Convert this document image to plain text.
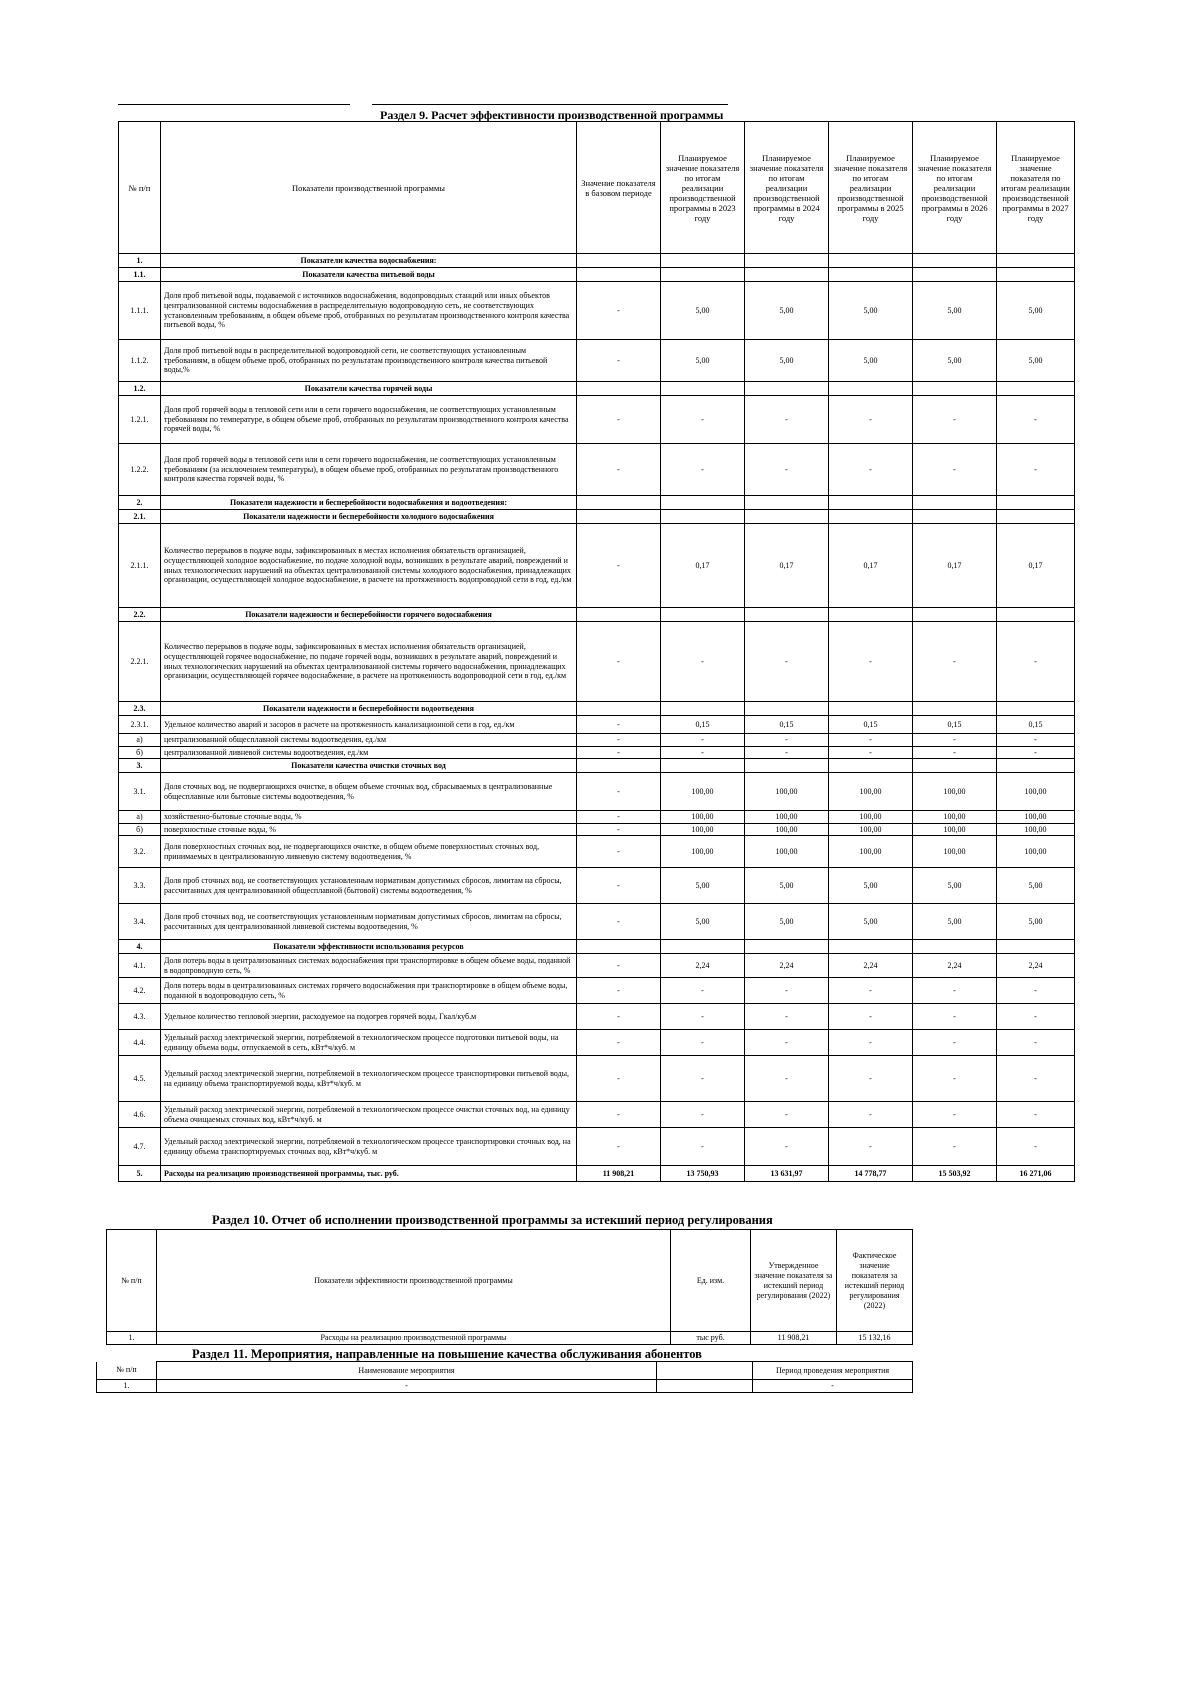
Раздел 9. Расчет эффективности производственной программы
№ п/п	Показатели производственной программы	Значение показателя в базовом периоде	Планируемое значение показателя по итогам реализации производственной программы в 2023 году	Планируемое значение показателя по итогам реализации производственной программы в 2024 году	Планируемое значение показателя по итогам реализации производственной программы в 2025 году	Планируемое значение показателя по итогам реализации производственной программы в 2026 году	Планируемое значение показателя по итогам реализации производственной программы в 2027 году
1.	Показатели качества водоснабжения:						
1.1.	Показатели качества питьевой воды						
1.1.1.	Доля проб питьевой воды, подаваемой с источников водоснабжения, водопроводных станций или иных объектов централизованной системы водоснабжения в распределительную водопроводную сеть, не соответствующих установленным требованиям, в общем объеме проб, отобранных по результатам производственного контроля качества питьевой воды, %	-	5,00	5,00	5,00	5,00	5,00
1.1.2.	Доля проб питьевой воды в распределительной водопроводной сети, не соответствующих установленным требованиям, в общем объеме проб, отобранных по результатам производственного контроля качества питьевой воды,%	-	5,00	5,00	5,00	5,00	5,00
1.2.	Показатели качества горячей воды						
1.2.1.	Доля проб горячей воды в тепловой сети или в сети горячего водоснабжения, не соответствующих установленным требованиям по температуре, в общем объеме проб, отобранных по результатам производственного контроля качества горячей воды, %	-	-	-	-	-	-
1.2.2.	Доля проб горячей воды в тепловой сети или в сети горячего водоснабжения, не соответствующих установленным требованиям (за исключением температуры), в общем объеме проб, отобранных по результатам производственного контроля качества горячей воды, %	-	-	-	-	-	-
2.	Показатели надежности и бесперебойности водоснабжения и водоотведения:						
2.1.	Показатели надежности и бесперебойности холодного водоснабжения						
2.1.1.	Количество перерывов в подаче воды, зафиксированных в местах исполнения обязательств организацией, осуществляющей холодное водоснабжение, по подаче холодной воды, возникших в результате аварий, повреждений и иных технологических нарушений на объектах централизованной системы холодного водоснабжения, принадлежащих организации, осуществляющей холодное водоснабжение, в расчете на протяженность водопроводной сети в год, ед./км	-	0,17	0,17	0,17	0,17	0,17
2.2.	Показатели надежности и бесперебойности горячего водоснабжения						
2.2.1.	Количество перерывов в подаче воды, зафиксированных в местах исполнения обязательств организацией, осуществляющей горячее водоснабжение, по подаче горячей воды, возникших в результате аварий, повреждений и иных технологических нарушений на объектах централизованной системы горячего водоснабжения, принадлежащих организации, осуществляющей горячее водоснабжение, в расчете на протяженность водопроводной сети в год, ед./км	-	-	-	-	-	-
2.3.	Показатели надежности и бесперебойности водоотведения						
2.3.1.	Удельное количество аварий и засоров в расчете на протяженность канализационной сети в год, ед./км	-	0,15	0,15	0,15	0,15	0,15
а)	централизованной общесплавной системы водоотведения, ед./км	-	-	-	-	-	-
б)	централизованной ливневой системы водоотведения, ед./км	-	-	-	-	-	-
3.	Показатели качества очистки сточных вод						
3.1.	Доля сточных вод, не подвергающихся очистке, в общем объеме сточных вод, сбрасываемых в централизованные общесплавные или бытовые системы водоотведения, %	-	100,00	100,00	100,00	100,00	100,00
а)	хозяйственно-бытовые сточные воды, %	-	100,00	100,00	100,00	100,00	100,00
б)	поверхностные сточные воды, %	-	100,00	100,00	100,00	100,00	100,00
3.2.	Доля поверхностных сточных вод, не подвергающихся очистке, в общем объеме поверхностных сточных вод, принимаемых в централизованную ливневую систему водоотведения, %	-	100,00	100,00	100,00	100,00	100,00
3.3.	Доля проб сточных вод, не соответствующих установленным нормативам допустимых сбросов, лимитам на сбросы, рассчитанных для централизованной общесплавной (бытовой) системы водоотведения, %	-	5,00	5,00	5,00	5,00	5,00
3.4.	Доля проб сточных вод, не соответствующих установленным нормативам допустимых сбросов, лимитам на сбросы, рассчитанных для централизованной ливневой системы водоотведения, %	-	5,00	5,00	5,00	5,00	5,00
4.	Показатели эффективности использования ресурсов						
4.1.	Доля потерь воды в централизованных системах водоснабжения при транспортировке в общем объеме воды, поданной в водопроводную сеть, %	-	2,24	2,24	2,24	2,24	2,24
4.2.	Доля потерь воды в централизованных системах горячего водоснабжения при транспортировке в общем объеме воды, поданной в водопроводную сеть, %	-	-	-	-	-	-
4.3.	Удельное количество тепловой энергии, расходуемое на подогрев горячей воды, Гкал/куб.м	-	-	-	-	-	-
4.4.	Удельный расход электрической энергии, потребляемой в технологическом процессе подготовки питьевой воды, на единицу объема воды, отпускаемой в сеть, кВт*ч/куб. м	-	-	-	-	-	-
4.5.	Удельный расход электрической энергии, потребляемой в технологическом процессе транспортировки питьевой воды, на единицу объема транспортируемой воды, кВт*ч/куб. м	-	-	-	-	-	-
4.6.	Удельный расход электрической энергии, потребляемой в технологическом процессе очистки сточных вод, на единицу объема очищаемых сточных вод, кВт*ч/куб. м	-	-	-	-	-	-
4.7.	Удельный расход электрической энергии, потребляемой в технологическом процессе транспортировки сточных вод, на единицу объема транспортируемых сточных вод, кВт*ч/куб. м	-	-	-	-	-	-
5.	Расходы на реализацию производственной программы, тыс. руб.	11 908,21	13 750,93	13 631,97	14 778,77	15 503,92	16 271,06
Раздел 10. Отчет об исполнении производственной программы за истекший период регулирования
№ п/п	Показатели эффективности производственной программы	Ед. изм.	Утвержденное значение показателя за истекший период регулирования (2022)	Фактическое значение показателя за истекший период регулирования (2022)
1.	Расходы на реализацию производственной программы	тыс руб.	11 908,21	15 132,16
Раздел 11. Мероприятия, направленные на повышение качества обслуживания абонентов
№ п/п	Наименование мероприятия		Период проведения мероприятия
1.	-		-
